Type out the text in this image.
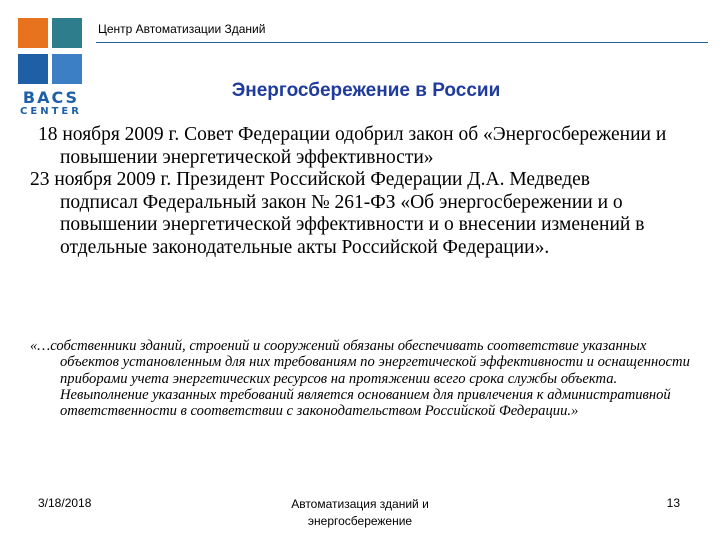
BACS
CENTER
Центр Автоматизации Зданий
Энергосбережение в России

18 ноября 2009 г. Совет Федерации одобрил закон об «Энергосбережении и повышении энергетической эффективности»

23 ноября 2009 г. Президент Российской Федерации Д.А. Медведев подписал Федеральный закон № 261-ФЗ «Об энергосбережении и о повышении энергетической эффективности и о внесении изменений в отдельные законодательные акты Российской Федерации».

«…собственники зданий, строений и сооружений обязаны обеспечивать соответствие указанных объектов установленным для них требованиям по энергетической эффективности и оснащенности приборами учета энергетических ресурсов на протяжении всего срока службы объекта. Невыполнение указанных требований является основанием для привлечения к административной ответственности в соответствии с законодательством Российской Федерации.»

3/18/2018	Автоматизация зданий и энергосбережение
13
